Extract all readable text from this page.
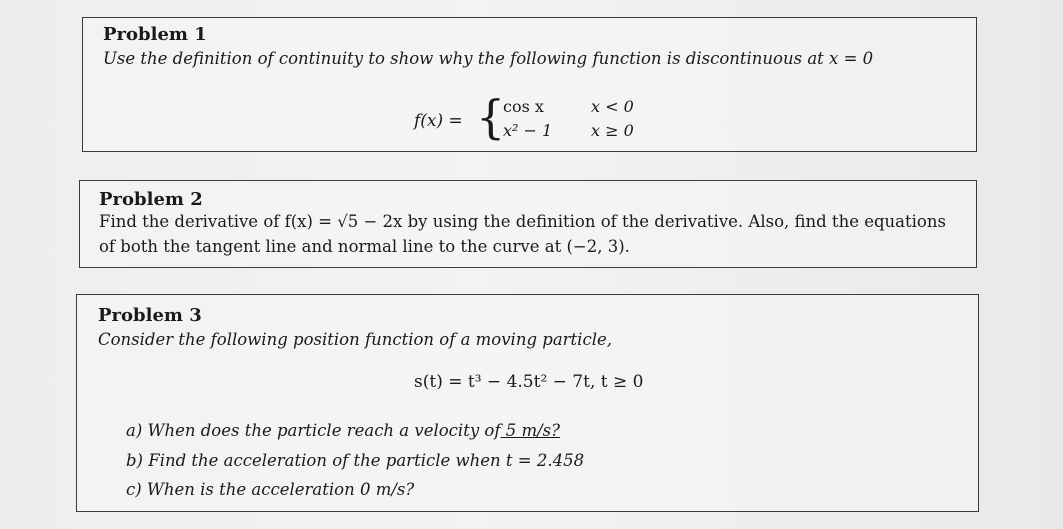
Problem 1
Use the definition of continuity to show why the following function is discontinuous at x = 0
f(x) = {
cos x	x < 0
x² − 1 x ≥ 0
Problem 2
Find the derivative of f(x) = √5 − 2x by using the definition of the derivative. Also, find the equations
of both the tangent line and normal line to the curve at (−2, 3).
Problem 3
Consider the following position function of a moving particle,
s(t) = t³ − 4.5t² − 7t, t ≥ 0
a) When does the particle reach a velocity of 5 m/s?
b) Find the acceleration of the particle when t = 2.458
c) When is the acceleration 0 m/s?
